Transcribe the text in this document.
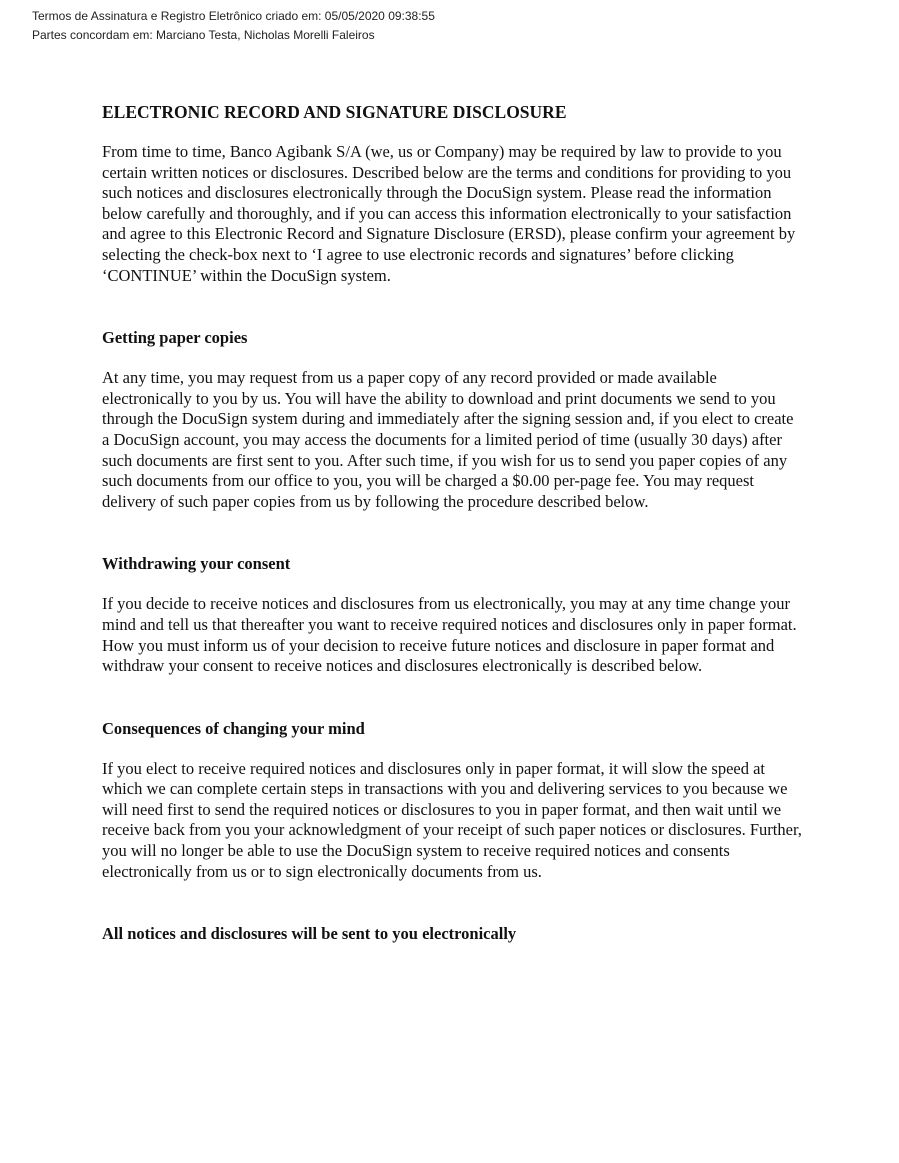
Termos de Assinatura e Registro Eletrônico criado em: 05/05/2020 09:38:55
Partes concordam em: Marciano Testa, Nicholas Morelli Faleiros
ELECTRONIC RECORD AND SIGNATURE DISCLOSURE

From time to time, Banco Agibank S/A (we, us or Company) may be required by law to provide to you certain written notices or disclosures. Described below are the terms and conditions for providing to you such notices and disclosures electronically through the DocuSign system. Please read the information below carefully and thoroughly, and if you can access this information electronically to your satisfaction and agree to this Electronic Record and Signature Disclosure (ERSD), please confirm your agreement by selecting the check-box next to ‘I agree to use electronic records and signatures’ before clicking ‘CONTINUE’ within the DocuSign system.

Getting paper copies

At any time, you may request from us a paper copy of any record provided or made available electronically to you by us. You will have the ability to download and print documents we send to you through the DocuSign system during and immediately after the signing session and, if you elect to create a DocuSign account, you may access the documents for a limited period of time (usually 30 days) after such documents are first sent to you. After such time, if you wish for us to send you paper copies of any such documents from our office to you, you will be charged a $0.00 per-page fee. You may request delivery of such paper copies from us by following the procedure described below.

Withdrawing your consent

If you decide to receive notices and disclosures from us electronically, you may at any time change your mind and tell us that thereafter you want to receive required notices and disclosures only in paper format. How you must inform us of your decision to receive future notices and disclosure in paper format and withdraw your consent to receive notices and disclosures electronically is described below.

Consequences of changing your mind

If you elect to receive required notices and disclosures only in paper format, it will slow the speed at which we can complete certain steps in transactions with you and delivering services to you because we will need first to send the required notices or disclosures to you in paper format, and then wait until we receive back from you your acknowledgment of your receipt of such paper notices or disclosures. Further, you will no longer be able to use the DocuSign system to receive required notices and consents electronically from us or to sign electronically documents from us.

All notices and disclosures will be sent to you electronically
